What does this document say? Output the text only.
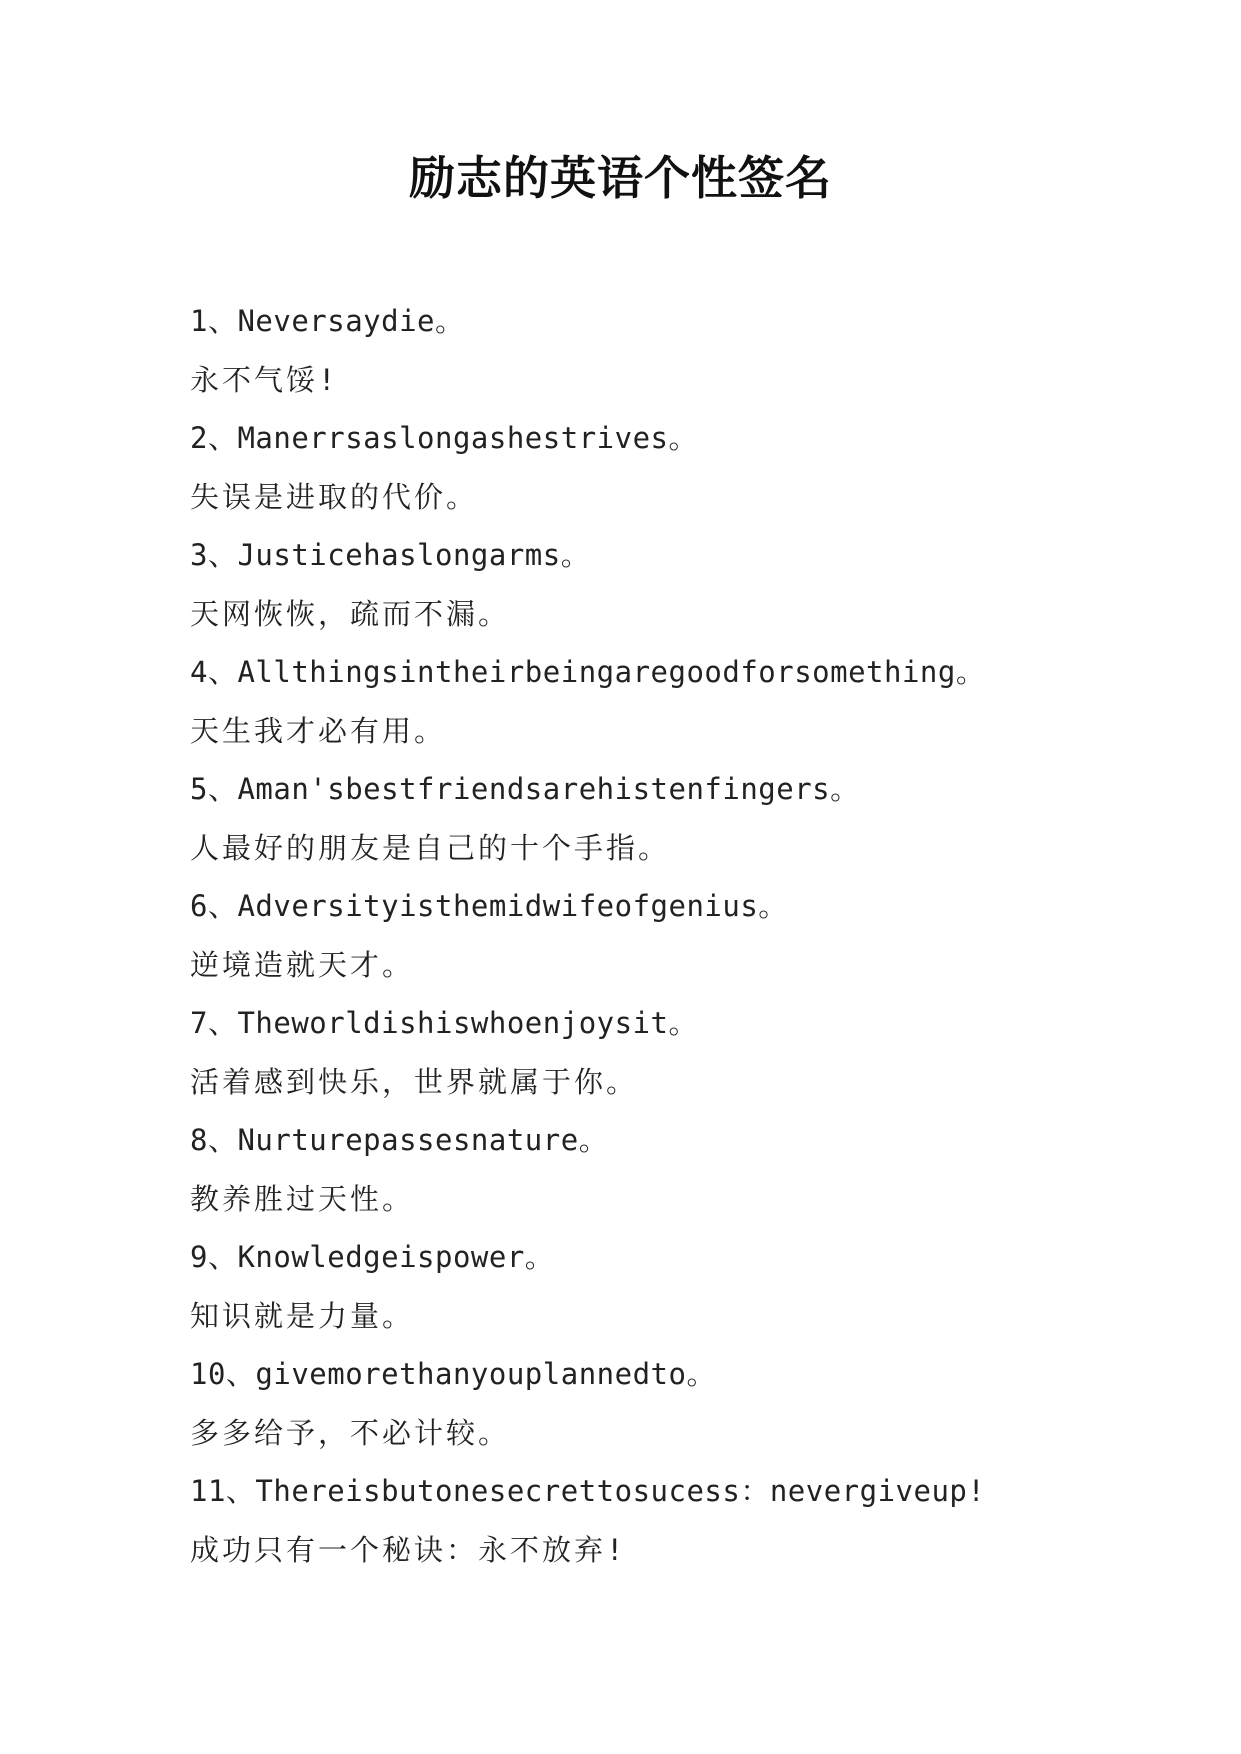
励志的英语个性签名
1、Neversaydie。
永不气馁!
2、Manerrsaslongashestrives。
失误是进取的代价。
3、Justicehaslongarms。
天网恢恢，疏而不漏。
4、Allthingsintheirbeingaregoodforsomething。
天生我才必有用。
5、Aman'sbestfriendsarehistenfingers。
人最好的朋友是自己的十个手指。
6、Adversityisthemidwifeofgenius。
逆境造就天才。
7、Theworldishiswhoenjoysit。
活着感到快乐，世界就属于你。
8、Nurturepassesnature。
教养胜过天性。
9、Knowledgeispower。
知识就是力量。
10、givemorethanyouplannedto。
多多给予，不必计较。
11、Thereisbutonesecrettosucess：nevergiveup!
成功只有一个秘诀：永不放弃!
